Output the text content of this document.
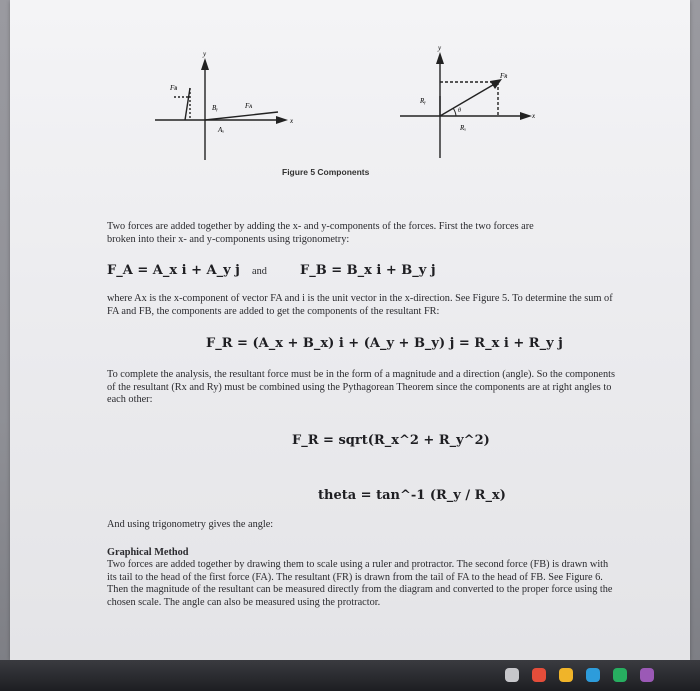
y
x
Fʙ
Bᵧ	Fᴀ
Aₓ
y
x
Fʀ
Rᵧ
Rₓ
θ
Figure 5 Components
Two forces are added together by adding the x- and y-components of the forces. First the two forces are broken into their x- and y-components using trigonometry:
F_A = A_x i + A_y j and	F_B = B_x i + B_y j
where Ax is the x-component of vector FA and i is the unit vector in the x-direction. See Figure 5. To determine the sum of FA and FB, the components are added to get the components of the resultant FR:
F_R = (A_x + B_x) i + (A_y + B_y) j = R_x i + R_y j
To complete the analysis, the resultant force must be in the form of a magnitude and a direction (angle). So the components of the resultant (Rx and Ry) must be combined using the Pythagorean Theorem since the components are at right angles to each other:
F_R = sqrt(R_x^2 + R_y^2)
theta = tan^-1 (R_y / R_x)
And using trigonometry gives the angle:
Graphical Method
Two forces are added together by drawing them to scale using a ruler and protractor. The second force (FB) is drawn with its tail to the head of the first force (FA). The resultant (FR) is drawn from the tail of FA to the head of FB. See Figure 6. Then the magnitude of the resultant can be measured directly from the diagram and converted to the proper force using the chosen scale. The angle can also be measured using the protractor.
